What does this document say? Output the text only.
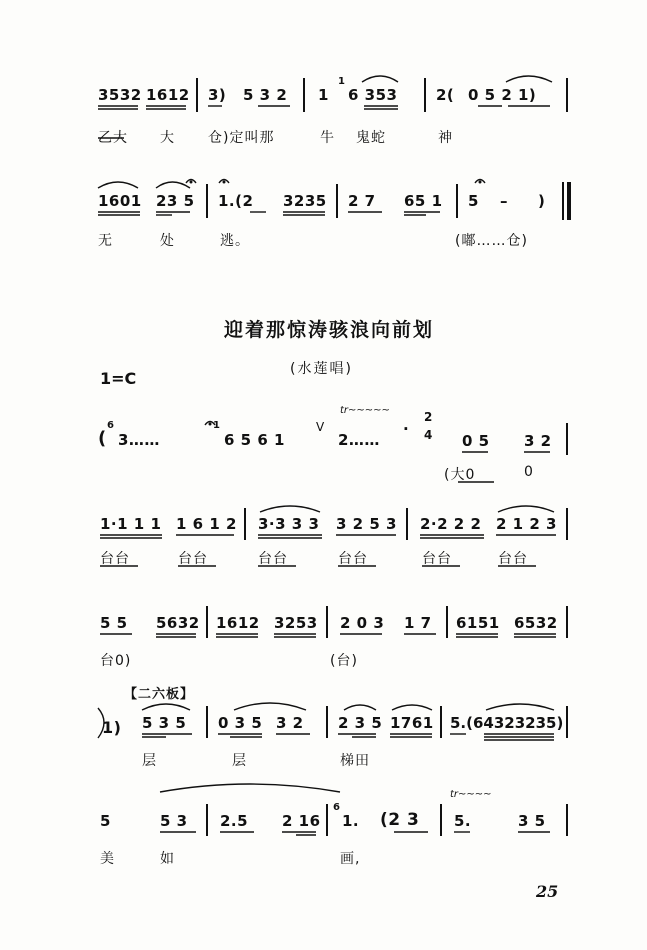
3532 1612 3) 5 3 2 1
1
6 353	2( 0 5 2 1)
乙大 大 仓)定叫那	牛 鬼蛇	神
1601 23 5 1.(2 3235 2 7 65 1 5 – )
无	处	逃。	(嘟……仓)
迎着那惊涛骇浪向前划
(水莲唱)
1=C
(
6
3……
1
6 5 6 1
V
tr~~~~~
2……
·
2
4 0 5 3 2
(大0	0
1·1 1 1 1 6 1 2 3·3 3 3 3 2 5 3 2·2 2 2 2 1 2 3
台台	台台	台台	台台	台台	台台
5 5 5632 1612 3253 2 0 3 1 7 6151 6532
台0)	(台)
【二六板】
1) 5 3 5 0 3 5 3 2 2 3 5 1761 5.(64323235)
层	层	梯田
5	5 3 2.5 2 16
6
1. (2 3
tr~~~~
5.	3 5
美	如	画,
25
